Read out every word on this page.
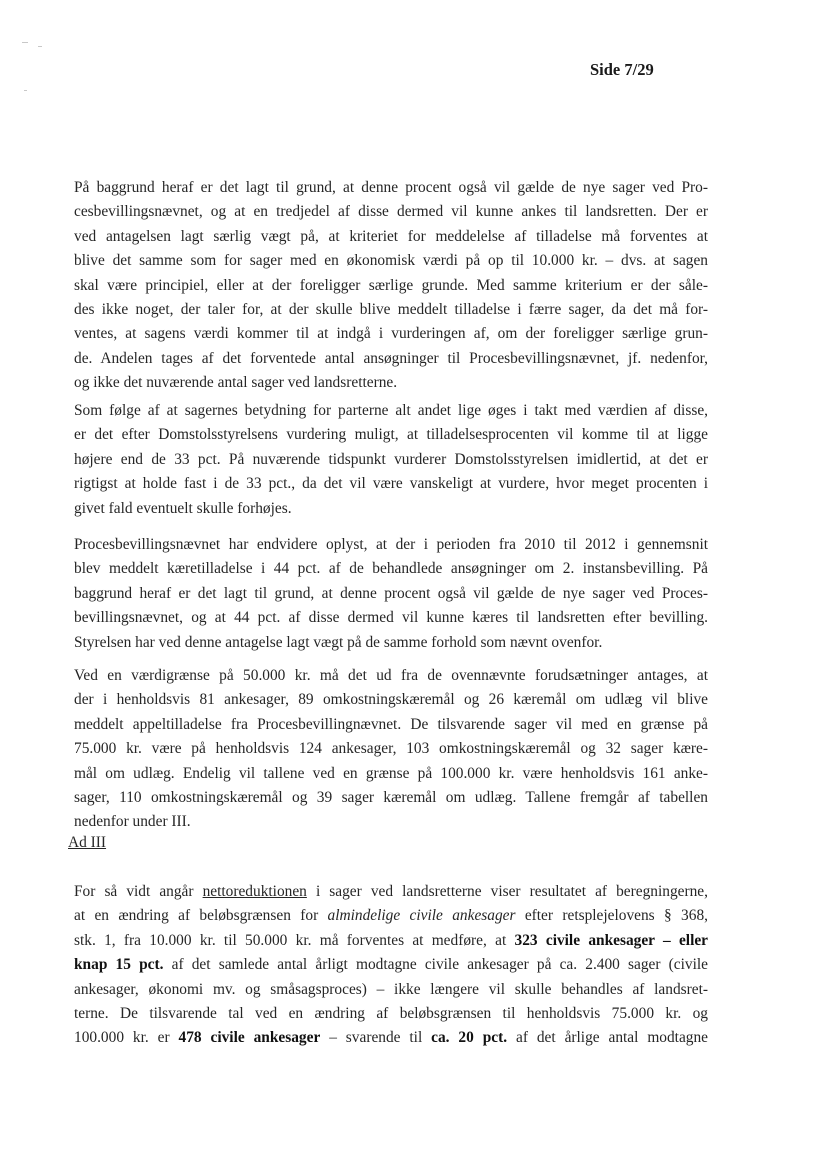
Side 7/29
På baggrund heraf er det lagt til grund, at denne procent også vil gælde de nye sager ved Pro-
cesbevillingsnævnet, og at en tredjedel af disse dermed vil kunne ankes til landsretten. Der er
ved antagelsen lagt særlig vægt på, at kriteriet for meddelelse af tilladelse må forventes at
blive det samme som for sager med en økonomisk værdi på op til 10.000 kr. – dvs. at sagen
skal være principiel, eller at der foreligger særlige grunde. Med samme kriterium er der såle-
des ikke noget, der taler for, at der skulle blive meddelt tilladelse i færre sager, da det må for-
ventes, at sagens værdi kommer til at indgå i vurderingen af, om der foreligger særlige grun-
de. Andelen tages af det forventede antal ansøgninger til Procesbevillingsnævnet, jf. nedenfor,
og ikke det nuværende antal sager ved landsretterne.
Som følge af at sagernes betydning for parterne alt andet lige øges i takt med værdien af disse,
er det efter Domstolsstyrelsens vurdering muligt, at tilladelsesprocenten vil komme til at ligge
højere end de 33 pct. På nuværende tidspunkt vurderer Domstolsstyrelsen imidlertid, at det er
rigtigst at holde fast i de 33 pct., da det vil være vanskeligt at vurdere, hvor meget procenten i
givet fald eventuelt skulle forhøjes.
Procesbevillingsnævnet har endvidere oplyst, at der i perioden fra 2010 til 2012 i gennemsnit
blev meddelt kæretilladelse i 44 pct. af de behandlede ansøgninger om 2. instansbevilling. På
baggrund heraf er det lagt til grund, at denne procent også vil gælde de nye sager ved Proces-
bevillingsnævnet, og at 44 pct. af disse dermed vil kunne kæres til landsretten efter bevilling.
Styrelsen har ved denne antagelse lagt vægt på de samme forhold som nævnt ovenfor.
Ved en værdigrænse på 50.000 kr. må det ud fra de ovennævnte forudsætninger antages, at
der i henholdsvis 81 ankesager, 89 omkostningskæremål og 26 kæremål om udlæg vil blive
meddelt appeltilladelse fra Procesbevillingnævnet. De tilsvarende sager vil med en grænse på
75.000 kr. være på henholdsvis 124 ankesager, 103 omkostningskæremål og 32 sager kære-
mål om udlæg. Endelig vil tallene ved en grænse på 100.000 kr. være henholdsvis 161 anke-
sager, 110 omkostningskæremål og 39 sager kæremål om udlæg. Tallene fremgår af tabellen
nedenfor under III.
Ad III
For så vidt angår nettoreduktionen i sager ved landsretterne viser resultatet af beregningerne,
at en ændring af beløbsgrænsen for almindelige civile ankesager efter retsplejelovens § 368,
stk. 1, fra 10.000 kr. til 50.000 kr. må forventes at medføre, at 323 civile ankesager – eller
knap 15 pct. af det samlede antal årligt modtagne civile ankesager på ca. 2.400 sager (civile
ankesager, økonomi mv. og småsagsproces) – ikke længere vil skulle behandles af landsret-
terne. De tilsvarende tal ved en ændring af beløbsgrænsen til henholdsvis 75.000 kr. og
100.000 kr. er 478 civile ankesager – svarende til ca. 20 pct. af det årlige antal modtagne
